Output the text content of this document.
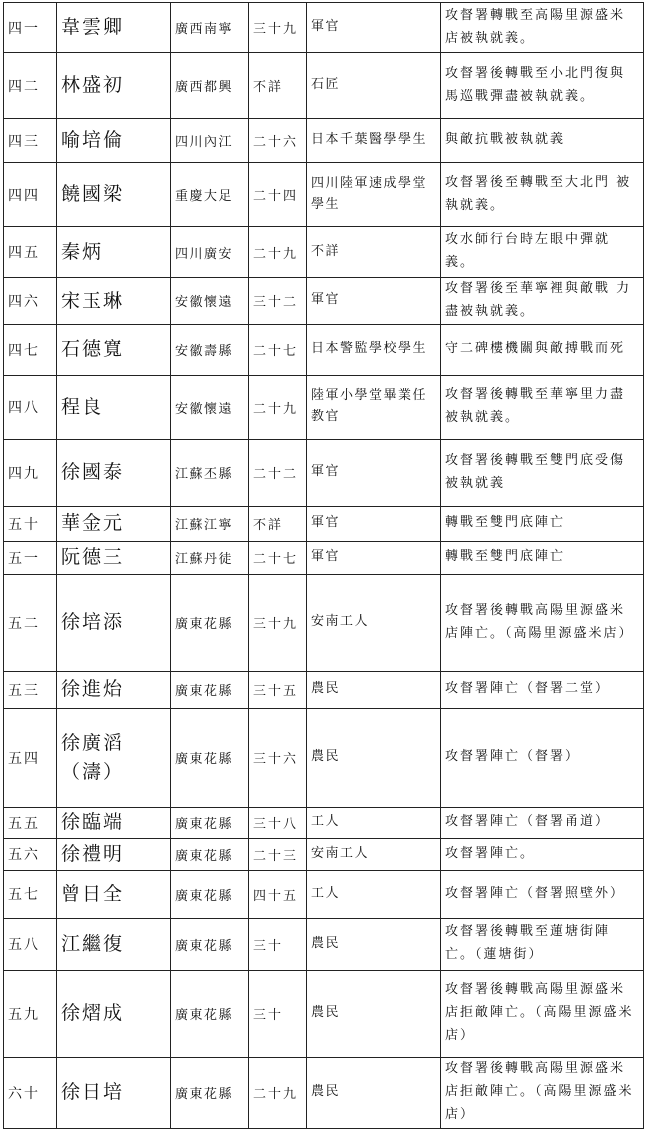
四一	韋雲卿	廣西南寧	三十九	軍官	攻督署轉戰至高陽里源盛米店被執就義。
四二	林盛初	廣西都興	不詳	石匠	攻督署後轉戰至小北門復與馬巡戰彈盡被執就義。
四三	喻培倫	四川內江	二十六	日本千葉醫學學生	與敵抗戰被執就義
四四	饒國梁	重慶大足	二十四	四川陸軍速成學堂學生	攻督署後至轉戰至大北門 被執就義。
四五	秦炳	四川廣安	二十九	不詳	攻水師行台時左眼中彈就義。
四六	宋玉琳	安徽懷遠	三十二	軍官	攻督署後至華寧裡與敵戰 力盡被執就義。
四七	石德寬	安徽壽縣	二十七	日本警監學校學生	守二碑樓機關與敵搏戰而死
四八	程良	安徽懷遠	二十九	陸軍小學堂畢業任教官	攻督署後轉戰至華寧里力盡被執就義。
四九	徐國泰	江蘇丕縣	二十二	軍官	攻督署後轉戰至雙門底受傷被執就義
五十	華金元	江蘇江寧	不詳	軍官	轉戰至雙門底陣亡
五一	阮德三	江蘇丹徒	二十七	軍官	轉戰至雙門底陣亡
五二	徐培添	廣東花縣	三十九	安南工人	攻督署後轉戰高陽里源盛米店陣亡。（高陽里源盛米店）
五三	徐進炲	廣東花縣	三十五	農民	攻督署陣亡（督署二堂）
五四	徐廣滔（濤）	廣東花縣	三十六	農民	攻督署陣亡（督署）
五五	徐臨端	廣東花縣	三十八	工人	攻督署陣亡（督署甬道）
五六	徐禮明	廣東花縣	二十三	安南工人	攻督署陣亡。
五七	曾日全	廣東花縣	四十五	工人	攻督署陣亡（督署照壁外）
五八	江繼復	廣東花縣	三十	農民	攻督署後轉戰至蓮塘街陣亡。（蓮塘街）
五九	徐熠成	廣東花縣	三十	農民	攻督署後轉戰高陽里源盛米店拒敵陣亡。（高陽里源盛米店）
六十	徐日培	廣東花縣	二十九	農民	攻督署後轉戰高陽里源盛米店拒敵陣亡。（高陽里源盛米店）
